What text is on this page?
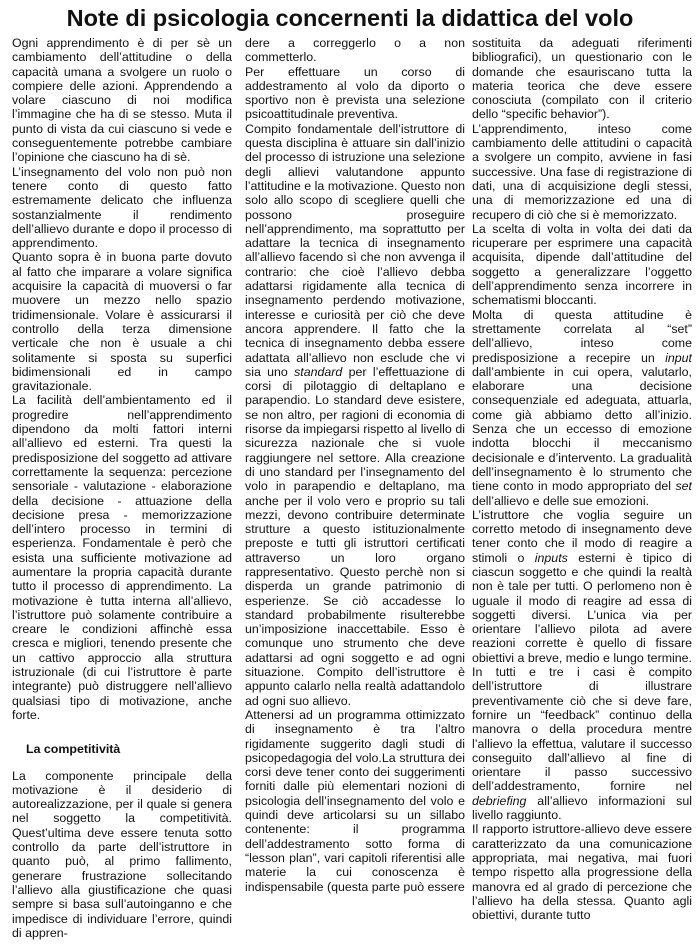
Note di psicologia concernenti la didattica del volo

Ogni apprendimento è di per sè un cambiamento dell’attitudine o della capacità umana a svolgere un ruolo o compiere delle azioni. Apprendendo a volare ciascuno di noi modifica l’immagine che ha di se stesso. Muta il punto di vista da cui ciascuno si vede e conseguentemente potrebbe cambiare l’opinione che ciascuno ha di sè.

L’insegnamento del volo non può non tenere conto di questo fatto estremamente delicato che influenza sostanzialmente il rendimento dell’allievo durante e dopo il processo di apprendimento.

Quanto sopra è in buona parte dovuto al fatto che imparare a volare significa acquisire la capacità di muoversi o far muovere un mezzo nello spazio tridimensionale. Volare è assicurarsi il controllo della terza dimensione verticale che non è usuale a chi solitamente si sposta su superfici bidimensionali ed in campo gravitazionale.

La facilità dell’ambientamento ed il progredire nell’apprendimento dipendono da molti fattori interni all’allievo ed esterni. Tra questi la predisposizione del soggetto ad attivare correttamente la sequenza: percezione sensoriale - valutazione - elaborazione della decisione - attuazione della decisione presa - memorizzazione dell’intero processo in termini di esperienza. Fondamentale è però che esista una sufficiente motivazione ad aumentare la propria capacità durante tutto il processo di apprendimento. La motivazione è tutta interna all’allievo, l’istruttore può solamente contribuire a creare le condizioni affinchè essa cresca e migliori, tenendo presente che un cattivo approccio alla struttura istruzionale (di cui l’istruttore è parte integrante) può distruggere nell’allievo qualsiasi tipo di motivazione, anche forte.

La competitività

La componente principale della motivazione è il desiderio di autorealizzazione, per il quale si genera nel soggetto la competitività. Quest’ultima deve essere tenuta sotto controllo da parte dell’istruttore in quanto può, al primo fallimento, generare frustrazione sollecitando l’allievo alla giustificazione che quasi sempre si basa sull’autoinganno e che impedisce di individuare l’errore, quindi di appren-

dere a correggerlo o a non commetterlo.

Per effettuare un corso di addestramento al volo da diporto o sportivo non è prevista una selezione psicoattitudinale preventiva.

Compito fondamentale dell’istruttore di questa disciplina è attuare sin dall’inizio del processo di istruzione una selezione degli allievi valutandone appunto l’attitudine e la motivazione. Questo non solo allo scopo di scegliere quelli che possono proseguire nell’apprendimento, ma soprattutto per adattare la tecnica di insegnamento all’allievo facendo sì che non avvenga il contrario: che cioè l’allievo debba adattarsi rigidamente alla tecnica di insegnamento perdendo motivazione, interesse e curiosità per ciò che deve ancora apprendere. Il fatto che la tecnica di insegnamento debba essere adattata all’allievo non esclude che vi sia uno standard per l’effettuazione di corsi di pilotaggio di deltaplano e parapendio. Lo standard deve esistere, se non altro, per ragioni di economia di risorse da impiegarsi rispetto al livello di sicurezza nazionale che si vuole raggiungere nel settore. Alla creazione di uno standard per l’insegnamento del volo in parapendio e deltaplano, ma anche per il volo vero e proprio su tali mezzi, devono contribuire determinate strutture a questo istituzionalmente preposte e tutti gli istruttori certificati attraverso un loro organo rappresentativo. Questo perchè non si disperda un grande patrimonio di esperienze. Se ciò accadesse lo standard probabilmente risulterebbe un’imposizione inaccettabile. Esso è comunque uno strumento che deve adattarsi ad ogni soggetto e ad ogni situazione. Compito dell’istruttore è appunto calarlo nella realtà adattandolo ad ogni suo allievo.

Attenersi ad un programma ottimizzato di insegnamento è tra l’altro rigidamente suggerito dagli studi di psicopedagogia del volo.La struttura dei corsi deve tener conto dei suggerimenti forniti dalle più elementari nozioni di psicologia dell’insegnamento del volo e quindi deve articolarsi su un sillabo contenente: il programma dell’addestramento sotto forma di “lesson plan”, vari capitoli riferentisi alle materie la cui conoscenza è indispensabile (questa parte può essere

sostituita da adeguati riferimenti bibliografici), un questionario con le domande che esauriscano tutta la materia teorica che deve essere conosciuta (compilato con il criterio dello “specific behavior”).

L’apprendimento, inteso come cambiamento delle attitudini o capacità a svolgere un compito, avviene in fasi successive. Una fase di registrazione di dati, una di acquisizione degli stessi, una di memorizzazione ed una di recupero di ciò che si è memorizzato.

La scelta di volta in volta dei dati da ricuperare per esprimere una capacità acquisita, dipende dall’attitudine del soggetto a generalizzare l’oggetto dell’apprendimento senza incorrere in schematismi bloccanti.

Molta di questa attitudine è strettamente correlata al “set” dell’allievo, inteso come predisposizione a recepire un input dall’ambiente in cui opera, valutarlo, elaborare una decisione consequenziale ed adeguata, attuarla, come già abbiamo detto all’inizio. Senza che un eccesso di emozione indotta blocchi il meccanismo decisionale e d’intervento. La gradualità dell’insegnamento è lo strumento che tiene conto in modo appropriato del set dell’allievo e delle sue emozioni.

L’istruttore che voglia seguire un corretto metodo di insegnamento deve tener conto che il modo di reagire a stimoli o inputs esterni è tipico di ciascun soggetto e che quindi la realtà non è tale per tutti. O perlomeno non è uguale il modo di reagire ad essa di soggetti diversi. L’unica via per orientare l’allievo pilota ad avere reazioni corrette è quello di fissare obiettivi a breve, medio e lungo termine. In tutti e tre i casi è compito dell’istruttore di illustrare preventivamente ciò che si deve fare, fornire un “feedback” continuo della manovra o della procedura mentre l’allievo la effettua, valutare il successo conseguito dall’allievo al fine di orientare il passo successivo dell’addestramento, fornire nel debriefing all’allievo informazioni sul livello raggiunto.

Il rapporto istruttore-allievo deve essere caratterizzato da una comunicazione appropriata, mai negativa, mai fuori tempo rispetto alla progressione della manovra ed al grado di percezione che l’allievo ha della stessa. Quanto agli obiettivi, durante tutto
